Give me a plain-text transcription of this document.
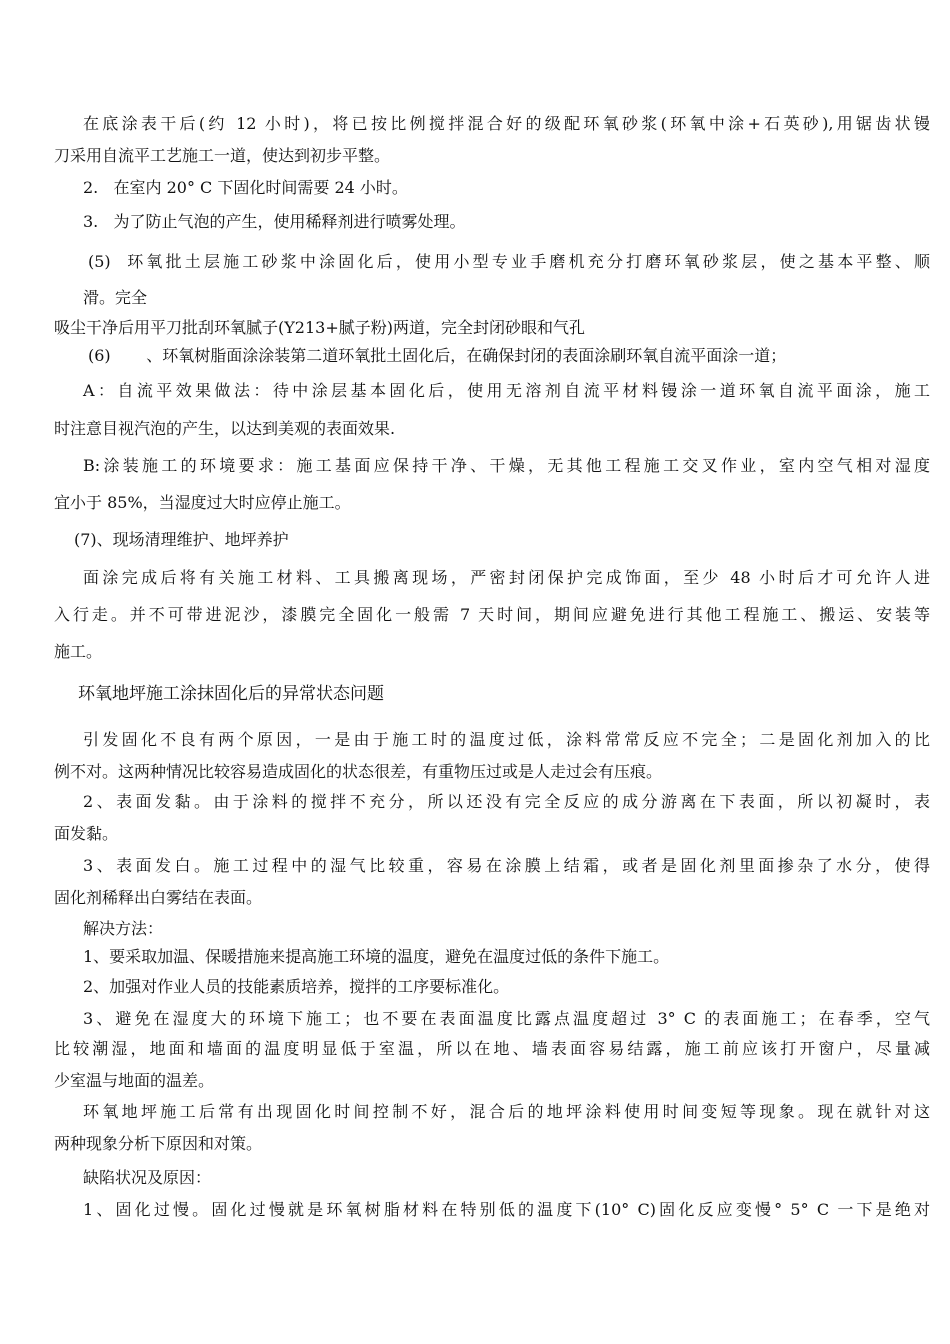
在底涂表干后(约 12 小时)，将已按比例搅拌混合好的级配环氧砂浆(环氧中涂+石英砂),用锯齿状镘
刀采用自流平工艺施工一道，使达到初步平整。
2.   在室内 20° C 下固化时间需要 24 小时。
3.   为了防止气泡的产生，使用稀释剂进行喷雾处理。
(5)  环氧批土层施工砂浆中涂固化后，使用小型专业手磨机充分打磨环氧砂浆层，使之基本平整、顺
滑。完全
吸尘干净后用平刀批刮环氧腻子(Y213+腻子粉)两道，完全封闭砂眼和气孔
(6)       、环氧树脂面涂涂装第二道环氧批土固化后，在确保封闭的表面涂刷环氧自流平面涂一道；
A：自流平效果做法：待中涂层基本固化后，使用无溶剂自流平材料镘涂一道环氧自流平面涂，施工
时注意目视汽泡的产生，以达到美观的表面效果.
B:涂装施工的环境要求：施工基面应保持干净、干燥，无其他工程施工交叉作业，室内空气相对湿度
宜小于 85%，当湿度过大时应停止施工。
(7)、现场清理维护、地坪养护
面涂完成后将有关施工材料、工具搬离现场，严密封闭保护完成饰面，至少 48 小时后才可允许人进
入行走。并不可带进泥沙，漆膜完全固化一般需 7 天时间，期间应避免进行其他工程施工、搬运、安装等
施工。
环氧地坪施工涂抹固化后的异常状态问题
引发固化不良有两个原因，一是由于施工时的温度过低，涂料常常反应不完全；二是固化剂加入的比
例不对。这两种情况比较容易造成固化的状态很差，有重物压过或是人走过会有压痕。
2、表面发黏。由于涂料的搅拌不充分，所以还没有完全反应的成分游离在下表面，所以初凝时，表
面发黏。
3、表面发白。施工过程中的湿气比较重，容易在涂膜上结霜，或者是固化剂里面掺杂了水分，使得
固化剂稀释出白雾结在表面。
解决方法：
1、要采取加温、保暖措施来提高施工环境的温度，避免在温度过低的条件下施工。
2、加强对作业人员的技能素质培养，搅拌的工序要标准化。
3、避免在湿度大的环境下施工；也不要在表面温度比露点温度超过 3° C 的表面施工；在春季，空气
比较潮湿，地面和墙面的温度明显低于室温，所以在地、墙表面容易结露，施工前应该打开窗户，尽量减
少室温与地面的温差。
环氧地坪施工后常有出现固化时间控制不好，混合后的地坪涂料使用时间变短等现象。现在就针对这
两种现象分析下原因和对策。
缺陷状况及原因：
1、固化过慢。固化过慢就是环氧树脂材料在特别低的温度下(10° C)固化反应变慢° 5° C 一下是绝对
